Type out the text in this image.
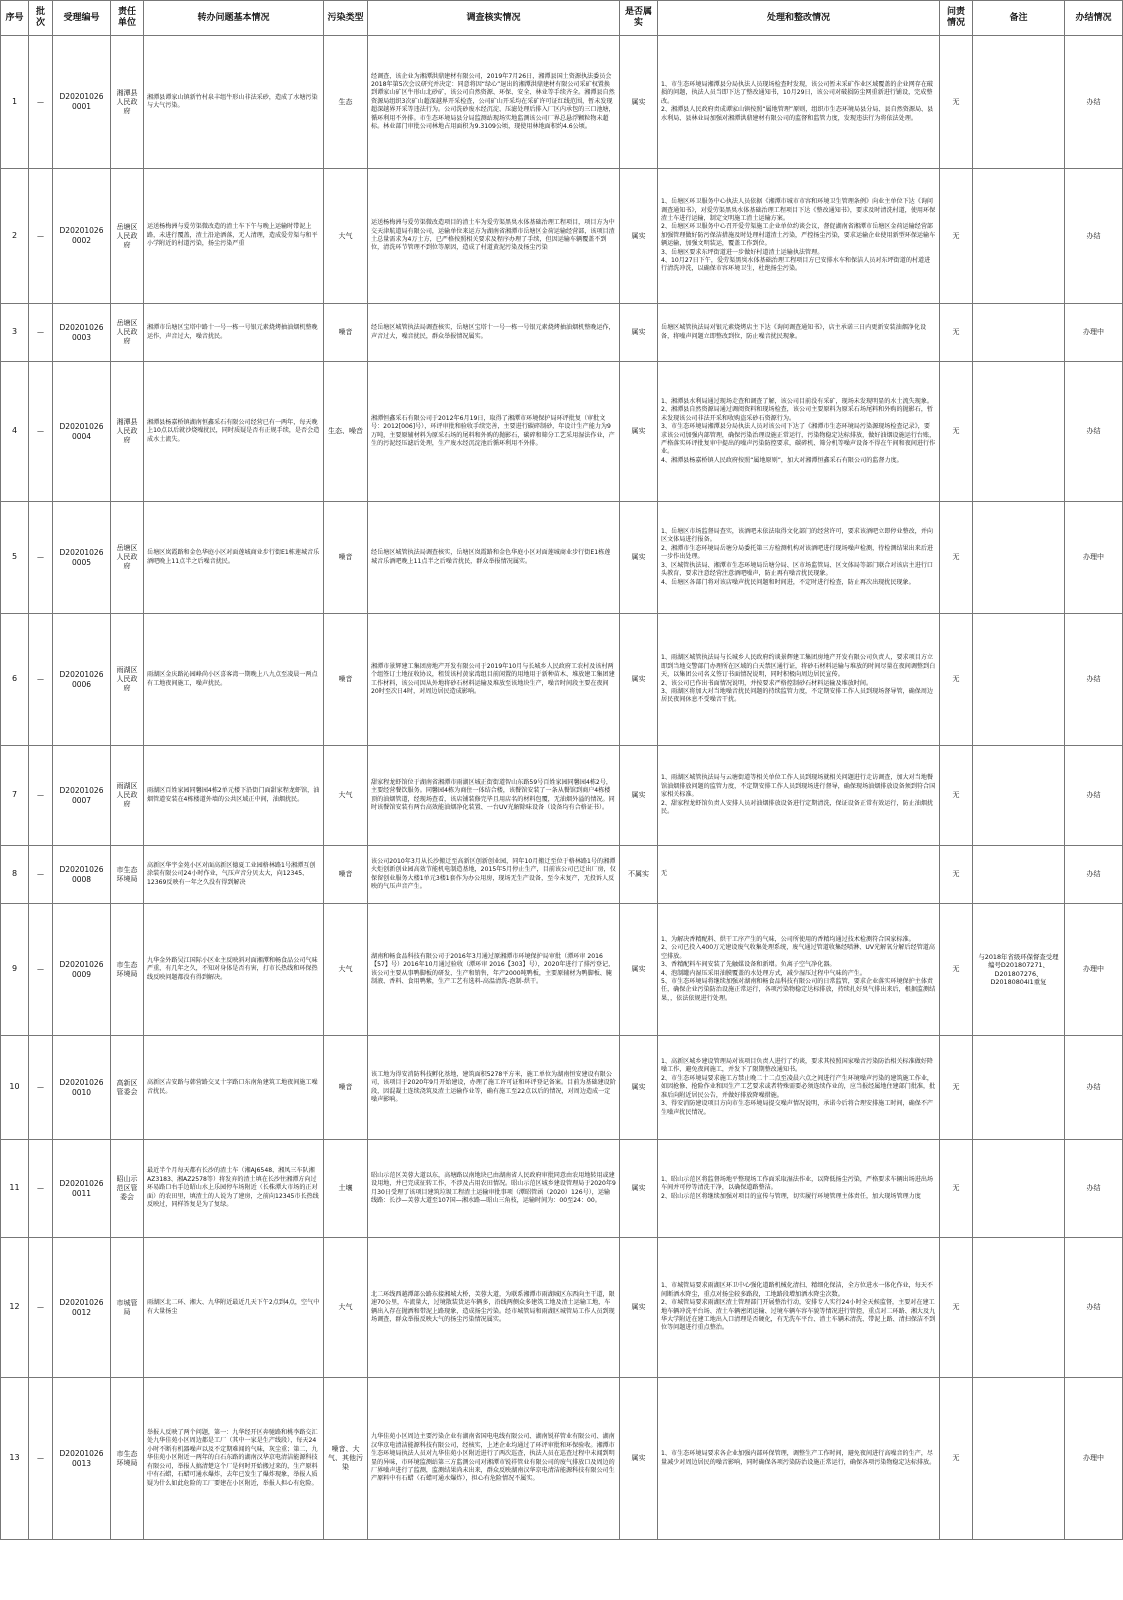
序号	批次	受理编号	责任单位	转办问题基本情况	污染类型	调查核实情况	是否属实	处理和整改情况	问责情况	备注	办结情况
1	—	D20201026 0001	湘潭县人民政府	湘潭县谭家山镇新竹村泉丰组牛形山非法采砂，造成了水塘污染与大气污染。	生态	经调查，该企业为湘潭洪鼎建材有限公司，2019年7月26日，湘潭县国土资源执法委员会2018年第5次会议研究并决定：同意将因“绿心”退出的湘潭洪鼎建材有限公司采矿权置换到谭家山矿区牛形山北砂矿，该公司自然资源、环保、安全、林业等手续齐全。湘潭县自然资源局组织3次矿山超深越界开采检查，公司矿山开采均在采矿许可证红线范围，暂未发现超深越界开采等违法行为。公司洗砂废水经沉淀、压滤处理后排入厂区内承包的三口池塘，循环利用不外排。市生态环境局县分局监测站现场实地监测该公司厂界总悬浮颗粒物未超标。林业部门审批公司林地占用面积为9.3109公顷，现使用林地面积约4.6公顷。	属实	1、市生态环境局湘潭县分局执法人员现场检查时发现，该公司暂未采矿作业区域覆盖的企业网存在破损的问题，执法人员当即下达了整改通知书，10月29日，该公司对破损防尘网重新进行铺设，完成整改。
2、湘潭县人民政府责成谭家山镇按照“属地管理”原则，组织市生态环境局县分局、县自然资源局、县水利局、县林业局加强对湘潭洪鼎建材有限公司的监督和监管力度，发现违法行为将依法处理。	无		办结
2	—	D20201026 0002	岳塘区人民政府	运送杨梅洲与爱劳渠微改造的渣土车下午与晚上运输时带泥上路，未进行覆盖，渣土沿途洒落，无人清理，造成爱劳渠与和平小学附近的村道污染，扬尘污染严重	大气	运送杨梅洲与爱劳渠微改造项目的渣土车为爱劳渠黑臭水体基础治理工程项目，项目方为中交天津航道局有限公司，运输单位来运方为湖南省湘潭市岳塘区金荷运输经营部，该项目渣土总量需求为4万土方，已严格按照相关要求及程序办理了手续，但因运输车辆覆盖不到位，清洗环节管理不到位等原因，造成了村道黄泥污染及扬尘污染	属实	1、岳塘区环卫服务中心执法人员依据《湘潭市城市市容和环境卫生管理条例》向业主单位下达《询问调查通知书》，对爱劳渠黑臭水体基础治理工程项目下达《整改通知书》，要求及时清洗村道，使用环保渣土车进行运输，制定文明施工渣土运输方案。
2、岳塘区环卫服务中心召开爱劳渠施工企业单位约谈会议，督促湖南省湘潭市岳塘区金荷运输经营部加强管理做好防污保洁措施及时处理村道渣土污染，严控扬尘污染，要求运输企业使用新型环保运输车辆运输，加强文明装运，覆盖工作到位。
3、岳塘区要求东坪街道进一步做好村道渣土运输执法管理。
4、10月27日下午，爱劳渠黑臭水体基础治理工程项目方已安排水车和保洁人员对东坪街道的村道进行清洗冲洗，以确保市容环境卫生，杜绝扬尘污染。	无		办结
3	—	D20201026 0003	岳塘区人民政府	湘潭市岳塘区宝塔中路十一号一栋一号银元素烧烤抽油烟机整晚运作，声音过大，噪音扰民。	噪音	经岳塘区城管执法局调查核实，岳塘区宝塔十一号一栋一号银元素烧烤抽油烟机整晚运作，声音过大，噪音扰民，群众举报情况属实。	属实	岳塘区城管执法局对银元素烧烤店主下达《询问调查通知书》，店主承诺三日内更新安装油烟净化设备，将噪声问题立即整改到位，防止噪音扰民现象。	无		办理中
4	—	D20201026 0004	湘潭县人民政府	湘潭县杨嘉桥镇湖南恒鑫采石有限公司经营已有一两年，每天晚上10点以后就沙烧噪扰民，同时质疑是否有正规手续，是否会造成水土流失。	生态、噪音	湘潭恒鑫采石有限公司于2012年6月19日，取得了湘潭市环境保护局环评批复（审批文号：2012[006]号），环评审批和验收手续完善，主要进行碳碎制砂，年设计生产能力为9万吨，主要原辅材料为原采石场的尾料和外购的抛影石，碳碎和筛分工艺采用湿法作业，产生的污泥经压滤后处理，生产废水经沉淀池后循环利用不外排。	属实	1、湘潭县水利局通过现场走查和调查了解，该公司目前没有采矿，现场未发现明显的水土流失现象。
2、湘潭县自然资源局通过调阅资料和现场检查，该公司主要原料为原采石场尾料和外购的抛影石，暂未发现该公司非法开采和收购盗采砂石资源行为。
3、市生态环境局湘潭县分局执法人员对该公司下达了《湘潭市生态环境局污染源现场检查记录》，要求该公司加强内部管理，确保污染治理设施正常运行，污染物稳定达标排放，做好油烟设施运行台账，严格落实环评批复审中提出的噪声污染防控要求，碳碎机、筛分机等噪声设备不得在午间和夜间进行作业。
4、湘潭县杨嘉桥镇人民政府按照“属地原则”，加大对湘潭恒鑫采石有限公司的监督力度。	无		办结
5	—	D20201026 0005	岳塘区人民政府	岳塘区岚霞路和金色华庭小区对面莲城商业步行街E1栋莲城音乐酒吧晚上11点半之后噪音扰民。	噪音	经岳塘区城管执法局调查核实，岳塘区岚霞路和金色华庭小区对面莲城商业步行街E1栋莲城音乐酒吧晚上11点半之后噪音扰民，群众举报情况属实。	属实	1、岳塘区市场监督局查实，该酒吧未依法取得文化部门的经营许可，要求该酒吧立即停业整改，并向区文体局进行报备。
2、湘潭市生态环境局岳塘分局委托第三方检测机构对该酒吧进行现场噪声检测，待检测结果出来后进一步作出处理。
3、区城管执法局、湘潭市生态环境局岳塘分局、区市场监管局、区文体局等部门联合对该店主进行口头教育，要求注意经营注意酒吧噪声，防止再有噪音扰民现象。
4、岳塘区各部门将对该店噪声扰民问题和时间进，不定时进行检查，防止再次出现扰民现象。	无		办理中
6	—	D20201026 0006	雨湖区人民政府	雨湖区金庆路沁园峰尚小区喜客湾一期晚上八九点至凌晨一两点有工地夜间施工，噪声扰民。	噪音	湘潭市景辉建工集团房地产开发有限公司于2019年10月与长城乡人民政府工农村及该村两个组签订土地征收协议，租赁该村黄家湾组目前闲置的用地用于新种苗木、堆放建工集团建工作材料，该公司因从外地将砂石材料运输及堆放至该地块生产，噪音时间段主要在夜间20时至次日4时，对周边居民造成影响。	属实	1、雨湖区城管执法局与长城乡人民政府约谈景辉建工集团房地产开发有限公司负责人，要求项目方立即到当地交警部门办理所在区域的白天禁区通行证，将砂石材料运输与堆放的时间尽量在夜间调整到白天，以集团公司名义签订书面情况说明，同时积极向周边居民宣传。
2、该公司已作出书面情况说明，并按要求严格控制砂石材料运输及堆放时间。
3、雨湖区将加大对当地噪音扰民问题的持续监管力度，不定期安排工作人员到现场督导管，确保周边居民夜间休息不受噪音干扰。	无		办结
7	—	D20201026 0007	雨湖区人民政府	雨湖区百姓家园同馨园4栋2单元楼下沿街门面甜家程龙虾馆，油烟管道安装在4栋楼道外墙的公共区域正中间，油烟扰民。	大气	甜家程龙虾馆位于湖南省湘潭市雨湖区城正街街道智山东路59号百姓家园同馨园4栋2号，主要经营餐饮服务。同馨园4栋为商住一体结合楼，该餐馆安装了一条从餐馆到商户4栋楼顶的油烟管道，经现场查看，该店铺装修完毕且用店名的材料包覆，无油烟外溢的情况。同时该餐馆安装有两台高效能油烟净化装置、一台UV光解除味设备（设备均有合格证书）。	属实	1、雨湖区城管执法局与云塘街道等相关单位工作人员到现场就相关问题进行走访调查，加大对当地餐馆油烟排放问题的监管力度，不定期安排工作人员到现场进行督导，确保现场油烟排放设备须到符合国家相关标准。
2、甜家程龙虾馆负责人安排人员对油烟排放设备进行定期清洗，保证设备正常有效运行，防止油烟扰民。	无		办结
8	—	D20201026 0008	市生态环境局	高新区华宇金苑小区对面高新区德夏工业园格林路1号湘潭互创涂装有限公司24小时作业，气压声音分贝太大，向12345、12369反映有一年之久没有得到解决	噪音	该公司2010年3月从长沙搬迁至高新区创新创业园，同年10月搬迁至位于格林路1号的湘潭火炬创新创业园高效节能机电制造基地，2015年5月停止生产，目前该公司已迁出厂房，仅保留创业服务大楼1单元3楼1套作为办公用房，现场无生产设备，至今未复产，无投诉人反映的气压声音产生。	不属实	无	无		办结
9	—	D20201026 0009	市生态环境局	九华金外路吴江国际小区业主反映斜对面湘潭和畅食品公司气味严重，有几年之久，不知对身体是否有害，打市长热线和环保热线反映问题都没有得到解决。	大气	湖南和畅食品科技有限公司于2016年3月通过原湘潭市环境保护局审批（潭环审 2016【57】号）2016年10月通过验收（潭环审 2016【303】号），2020年进行了排污登记，该公司主要从事鸭脚板的研发、生产和销售，年产2000吨鸭板，主要原辅材为鸭脚板、腌制液、香料、食用鸭紫，生产工艺有选料-高温清洗-泡制-烘干。	属实	1、为解决香精配料、烘干工序产生的气味，公司所使用的香精均通过技术检测符合国家标准。
2、公司已投入400万元建设废气收集处理系统，废气通过管道收集经喷淋、UV光解氧分解后经管道高空排放。
3、香精配料车间安装了先触媒设备和新增。负离子空气净化器。
4、泡制罐内湿压采用油膜覆盖的水处理方式，减少湿压过程中气味的产生。
5、市生态环境局将继续加强对湖南和畅食品科技有限公司的日常监管，要求企业落实环境保护主体责任，确保企业污染防治设施正常运行，各项污染物稳定达标排放，持续扎好臭气排出来后，根据监测结果，，依法依规进行处理。	无	与2018年省级环保督查受理编号D201807271、D201807276、D20180804l1重复	办理中
10	—	D20201026 0010	高新区管委会	高新区吉安路与韩营路交叉十字路口东南角建筑工地夜间施工噪音扰民。	噪音	该工地为得安消防科技孵化基地，建筑面积5278平方米，施工单位为湖南恒安建设有限公司，该项目于2020年9月开始建设，办理了施工许可证和环评登记备案。目前为基础建设阶段，因混凝土连续浇筑及渣土运输作业等，确有施工至22点以后的情况，对周边造成一定噪声影响。	属实	1、高新区城乡建设管理局对该项目负责人进行了约谈，要求其按照国家噪音污染防治相关标准做好降噪工作，避免夜间施工，并发下了限期整改通知书。
2、市生态环境局要求施工方禁止晚二十二点至凌晨六点之间进行产生环境噪声污染的建筑施工作业，如因抢修、抢险作业和因生产工艺要求或者特殊需要必须连续作业的，应当报经属地住建部门批准，批准后向附近居民公告，并做好排放降噪措施。
3、得安消防建设项目方向市生态环境局提交噪声情况说明，承诺今后将合理安排施工时间，确保不产生噪声扰民情况。	无		办结
11	—	D20201026 0011	昭山示范区管委会	最近半个月每天都有长沙的渣土车（湘AJ6548、湘凤三车队湘AZ3183、湘AZ2578等）将发弃的渣土填在长沙往湘潭方向过环易路口右手边昭山水上乐园停车场附近（长株潭大市场的正对面）的农田里，填渣土的人说为了建房，之前向12345市长热线反映过，同样答复是为了复绿。	土壤	昭山示范区芙蓉大道以东，高塘路以南地块已由湖南省人民政府审批同意由农用地转用或建设用地，并已完成征转工作，不涉及占用农田情况。昭山示范区城乡建设管理局于2020年9月30日受理了该项目建筑垃圾工程渣土运输审批事项（潭昭管函（2020）126号），运输线路：长沙—芙蓉大道至107国—湘水路—昭山三角枝，运输时间为：00至24：00。	属实	1、昭山示范区将监督场地平整现场工作面采取湿法作业，以降低扬尘污染，严格要求车辆出场进出场车间并可停等清洗干净，以确保道路整洁。
2、昭山示范区将继续加强对项目的宣传与管理，切实履行环境管理主体责任，加大现场管理力度	无		办结
12	—	D20201026 0012	市城管局	雨湖区北二环、湘大、九华附近最近几天下午2点到4点，空气中有大量扬尘	大气	北二环线西越潭部公路东接湘城大桥，芙蓉大道，为联系湘潭市雨湖城区东西向主干道，限速70公里，车流量大，过境散装货运车辆多，沿线两侧众多建筑工地及渣土运输工地，车辆出入存在抛洒和带泥上路现象，造成扬尘污染。经市城管局和雨湖区城管局工作人员到现场调查，群众举报反映大气的扬尘污染情况属实。	属实	1、市城管局要求雨湖区环卫中心强化道路机械化清扫、精细化保洁，全方位进水一体化作业，每天不间断洒水降尘，重点对扬尘较多路段，工地路段增加洒水降尘次数。
2、市城管局要求雨湖区渣土管理部门开展整治行动，安排专人实行24小时全天候监督，主要对在建工地车辆冲洗平台场、渣土车辆密闭运输、过境车辆车容车貌等情况进行管控，重点对二环路、湘大及九华大学附近在建工地出入口清理是否硬化，有无洗车平台、渣土车辆未清洗、带泥上路、清扫保洁不到位等问题进行重点整治。	无		办结
13	—	D20201026 0013	市生态环境局	举报人反映了两个问题，第一：九华经开区奔驰路和桃李路交汇处九华佳苑小区周边都是工厂（其中一家是生产线段），每天24小时不断有机器噪声以及不定期难闻的气味，灰尘重；第二，九华佳苑小区附近一两年的白石东路的湖南汉华京电清洁能源科技有限公司，举报人搞清楚这个厂是何时开始搬过来的，生产原料中有石蜡，石蜡可通水爆炸，去年已发生了爆炸现象，举报人质疑为什么如此危险的工厂要建在小区附近，举报人担心有危险。	噪音、大气、其他污染	九华佳苑小区周边主要污染企业有湖南省国电电线有限公司、湖南锐祥管业有限公司、湖南汉华京电清洁能源科技有限公司，经核实，上述企业均通过了环评审批和环保验收。湘潭市生态环境局执法人员对九华佳苑小区附近进行了两次巡查，执法人员在巡查过程中未闻到明显的异味，市环境监测站第三方监测公司对湘潭市锐祥管业有限公司的废气排放口及周边的厂界噪声进行了监测，监测结果尚未出来，群众反映湖南汉华京电清洁能源科技有限公司生产原料中有石蜡（石蜡可通水爆炸），担心有危险情况不属实。	属实	1、市生态环境局要求各企业加强内部环保管理，调整生产工作时间，避免夜间进行高噪音的生产，尽量减少对周边居民的噪音影响，同时确保各项污染防治设施正常运行，确保各项污染物稳定达标排放。	无		办理中
